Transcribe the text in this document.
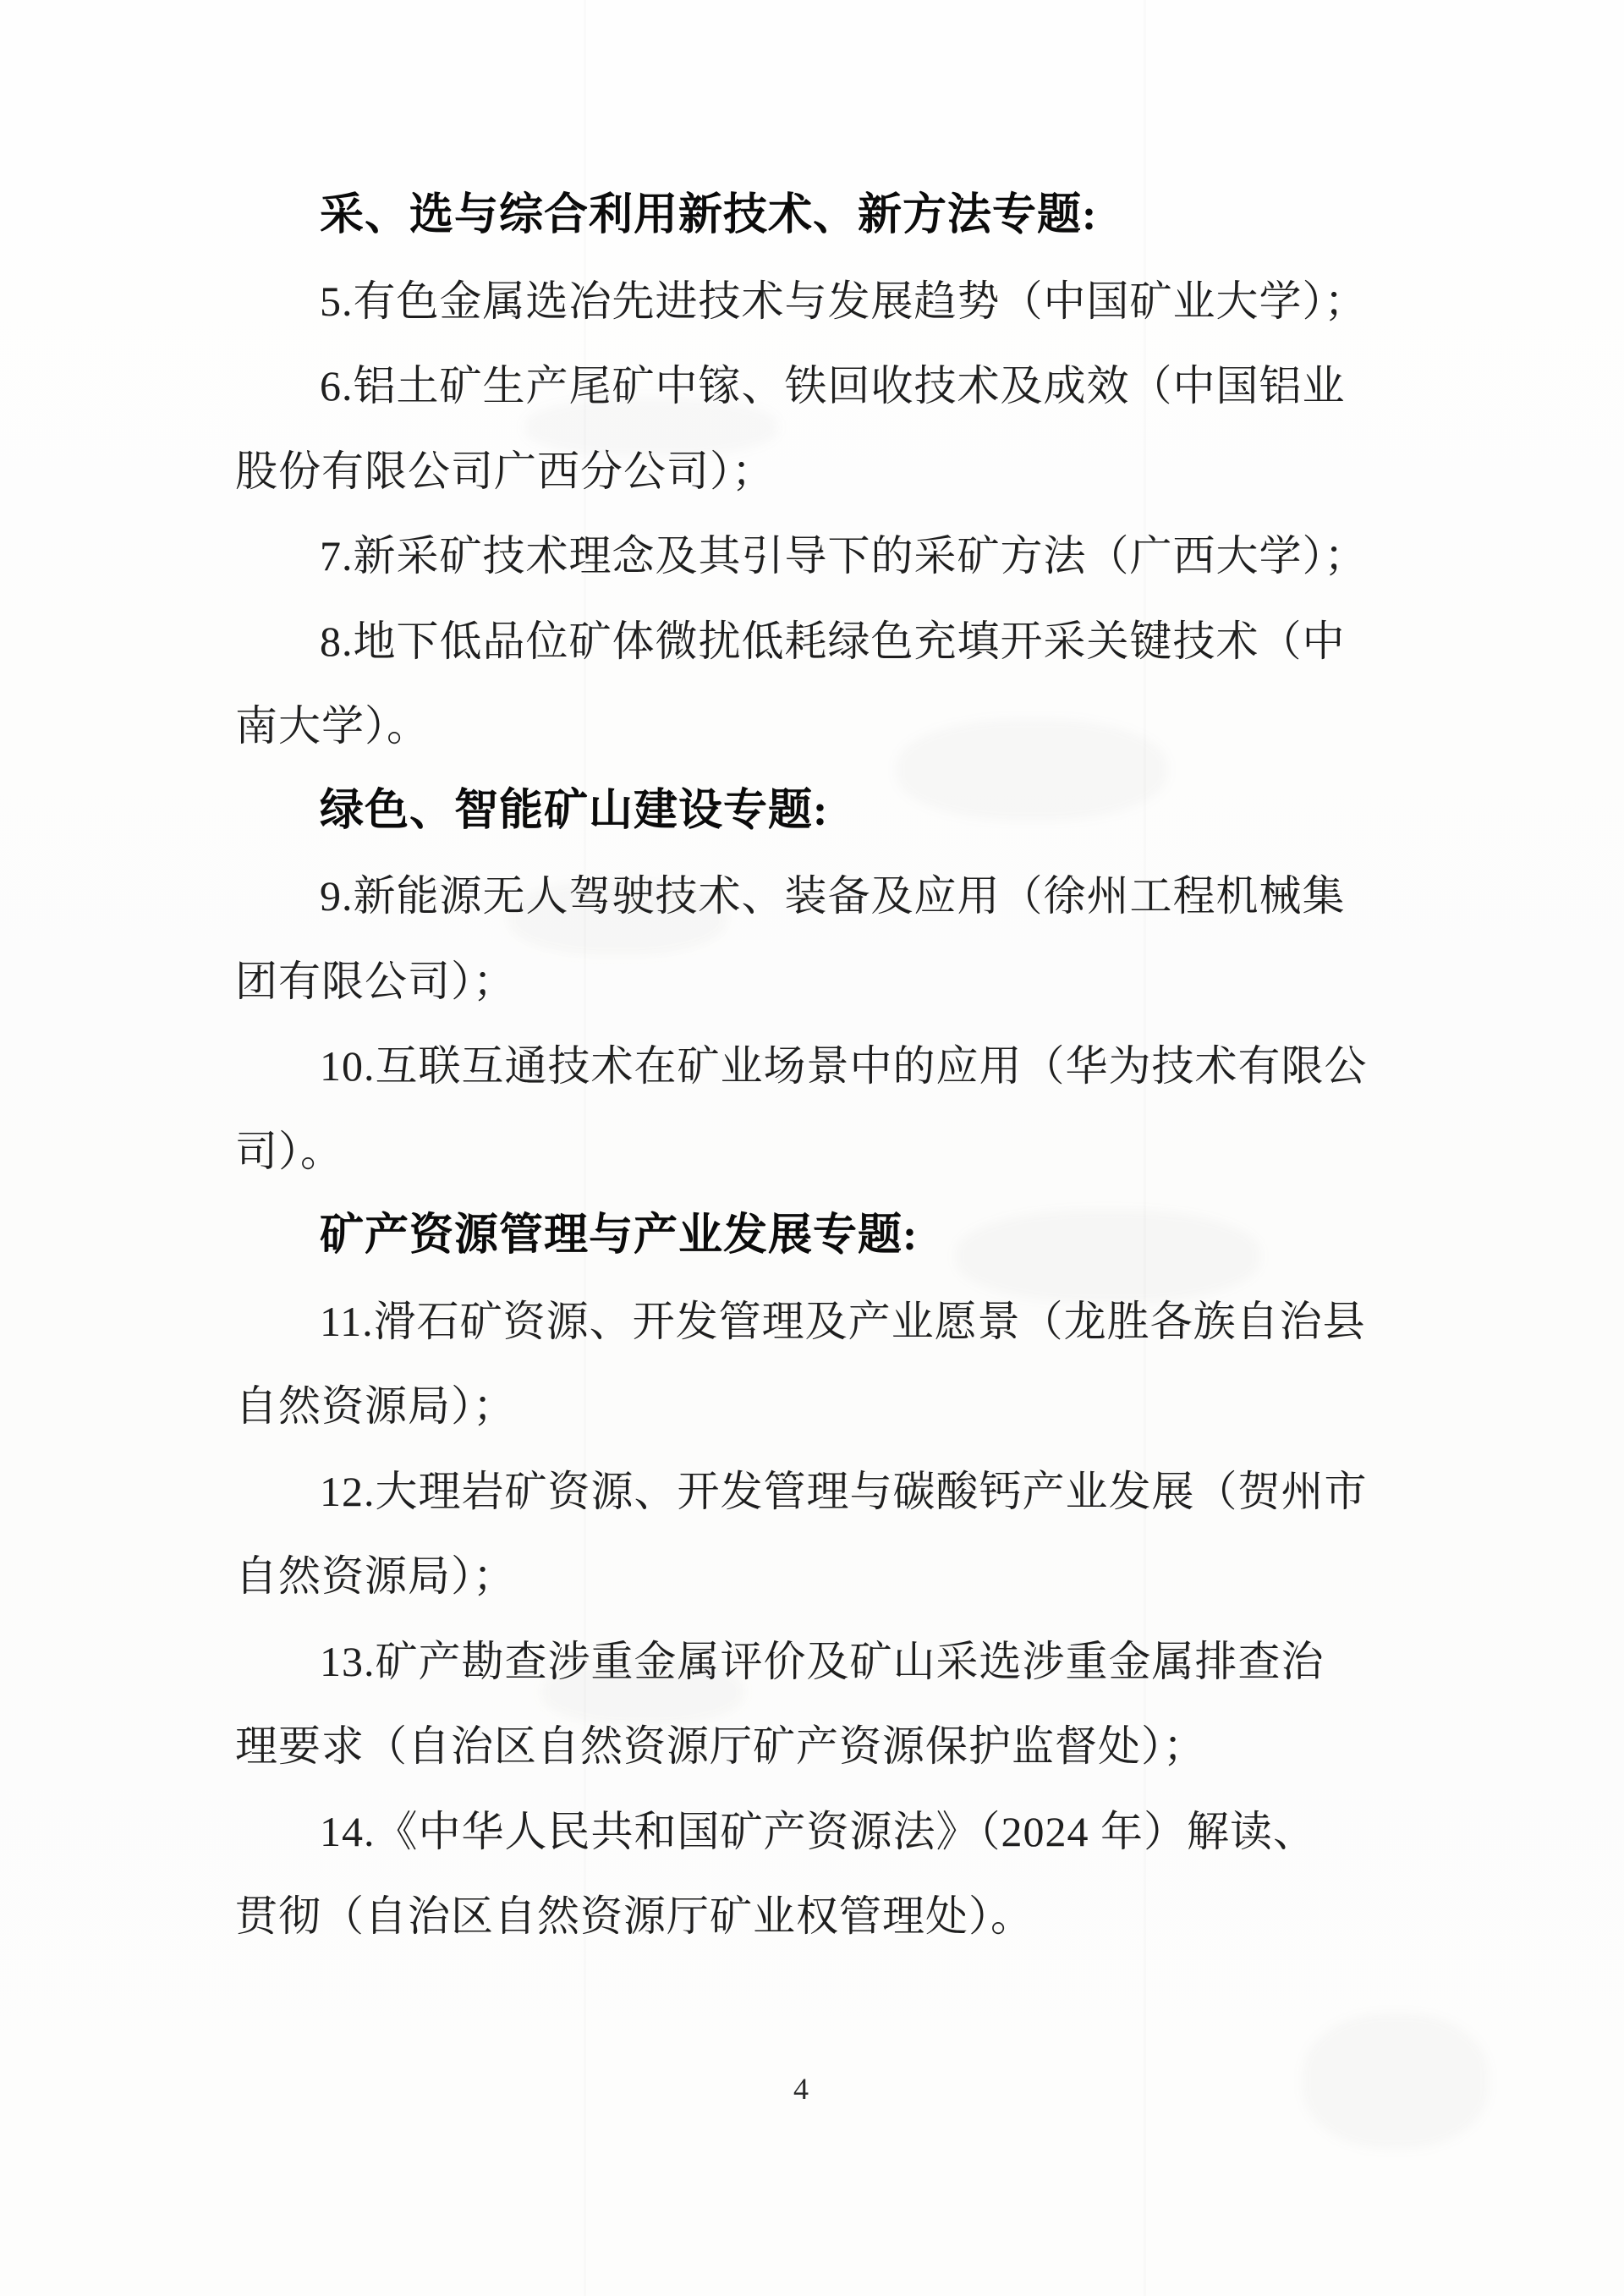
采、选与综合利用新技术、新方法专题:
5.有色金属选冶先进技术与发展趋势（中国矿业大学）；
6.铝土矿生产尾矿中镓、铁回收技术及成效（中国铝业
股份有限公司广西分公司）；
7.新采矿技术理念及其引导下的采矿方法（广西大学）；
8.地下低品位矿体微扰低耗绿色充填开采关键技术（中
南大学）。
绿色、智能矿山建设专题:
9.新能源无人驾驶技术、装备及应用（徐州工程机械集
团有限公司）；
10.互联互通技术在矿业场景中的应用（华为技术有限公
司）。
矿产资源管理与产业发展专题:
11.滑石矿资源、开发管理及产业愿景（龙胜各族自治县
自然资源局）；
12.大理岩矿资源、开发管理与碳酸钙产业发展（贺州市
自然资源局）；
13.矿产勘查涉重金属评价及矿山采选涉重金属排查治
理要求（自治区自然资源厅矿产资源保护监督处）；
14.《中华人民共和国矿产资源法》（2024 年）解读、
贯彻（自治区自然资源厅矿业权管理处）。
4
